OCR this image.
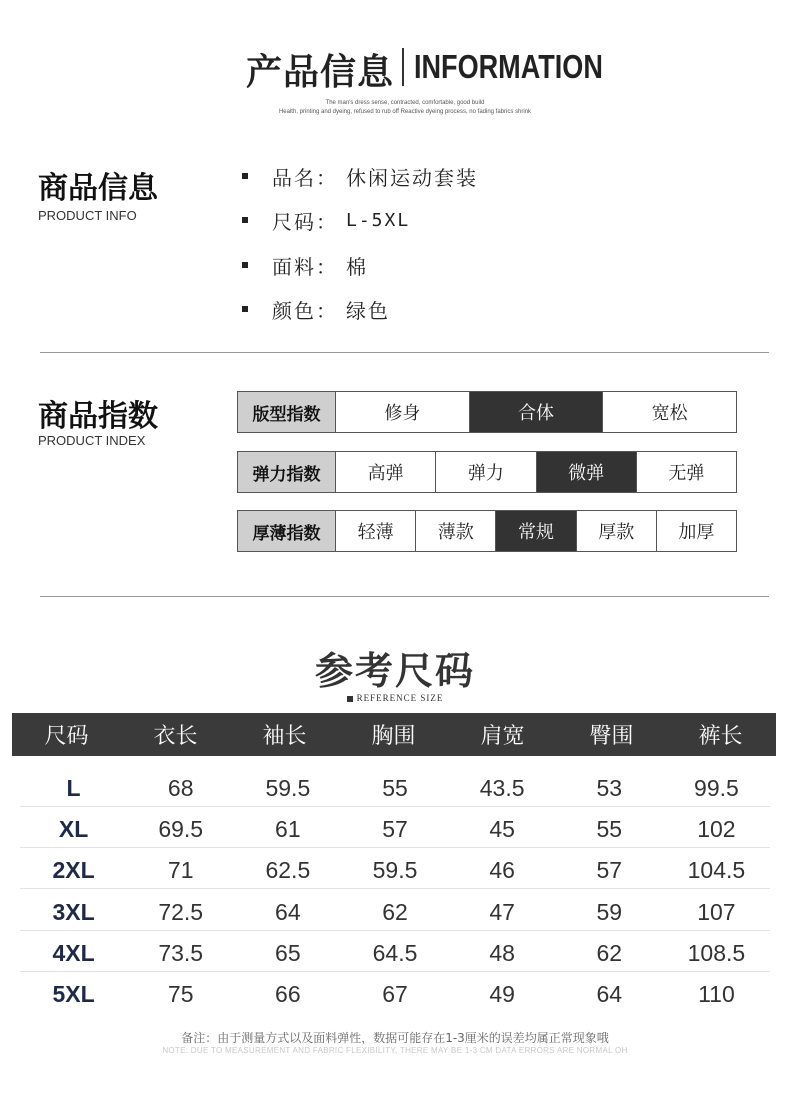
产品信息 INFORMATION
The man's dress sense, contracted, comfortable, good build
Health, printing and dyeing, refused to rub off Reactive dyeing process, no fading fabrics shrink
商品信息
PRODUCT INFO
品名： 休闲运动套装
尺码： L-5XL
面料： 棉
颜色： 绿色
商品指数
PRODUCT INDEX
版型指数	修身	合体	宽松
弹力指数	高弹	弹力	微弹	无弹
厚薄指数	轻薄	薄款	常规	厚款	加厚
参考尺码
REFERENCE SIZE
尺码	衣长	袖长	胸围	肩宽	臀围	裤长
L	68	59.5	55	43.5	53	99.5
XL	69.5	61	57	45	55	102
2XL	71	62.5	59.5	46	57	104.5
3XL	72.5	64	62	47	59	107
4XL	73.5	65	64.5	48	62	108.5
5XL	75	66	67	49	64	110
备注：由于测量方式以及面料弹性，数据可能存在1-3厘米的误差均属正常现象哦
NOTE: DUE TO MEASUREMENT AND FABRIC FLEXIBILITY, THERE MAY BE 1-3 CM DATA ERRORS ARE NORMAL OH
